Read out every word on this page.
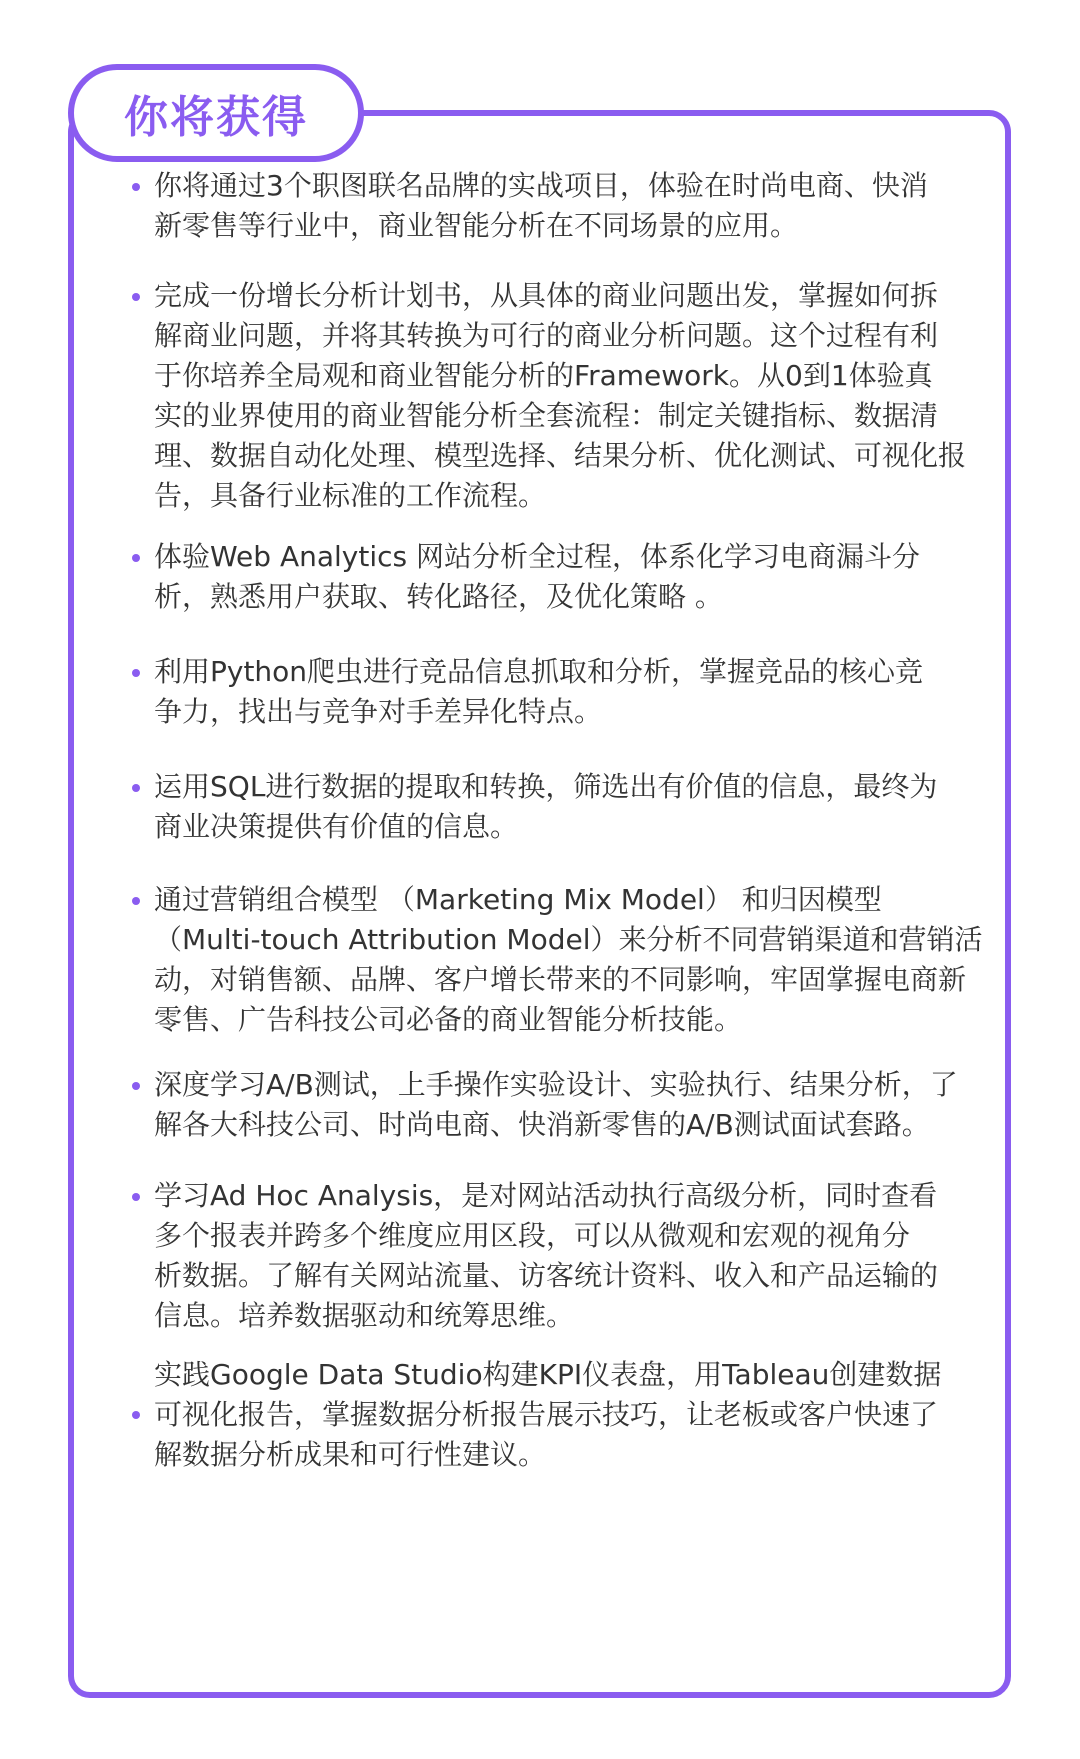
你将获得
你将通过3个职图联名品牌的实战项目，体验在时尚电商、快消
新零售等行业中，商业智能分析在不同场景的应用。
完成一份增长分析计划书，从具体的商业问题出发，掌握如何拆
解商业问题，并将其转换为可行的商业分析问题。这个过程有利
于你培养全局观和商业智能分析的Framework。从0到1体验真
实的业界使用的商业智能分析全套流程：制定关键指标、数据清
理、数据自动化处理、模型选择、结果分析、优化测试、可视化报
告，具备行业标准的工作流程。
体验Web Analytics 网站分析全过程，体系化学习电商漏斗分
析，熟悉用户获取、转化路径，及优化策略 。
利用Python爬虫进行竞品信息抓取和分析，掌握竞品的核心竞
争力，找出与竞争对手差异化特点。
运用SQL进行数据的提取和转换，筛选出有价值的信息，最终为
商业决策提供有价值的信息。
通过营销组合模型 （Marketing Mix Model） 和归因模型
（Multi-touch Attribution Model）来分析不同营销渠道和营销活
动，对销售额、品牌、客户增长带来的不同影响，牢固掌握电商新
零售、广告科技公司必备的商业智能分析技能。
深度学习A/B测试，上手操作实验设计、实验执行、结果分析，了
解各大科技公司、时尚电商、快消新零售的A/B测试面试套路。
学习Ad Hoc Analysis，是对网站活动执行高级分析，同时查看
多个报表并跨多个维度应用区段，可以从微观和宏观的视角分
析数据。了解有关网站流量、访客统计资料、收入和产品运输的
信息。培养数据驱动和统筹思维。
实践Google Data Studio构建KPI仪表盘，用Tableau创建数据
可视化报告，掌握数据分析报告展示技巧，让老板或客户快速了
解数据分析成果和可行性建议。
